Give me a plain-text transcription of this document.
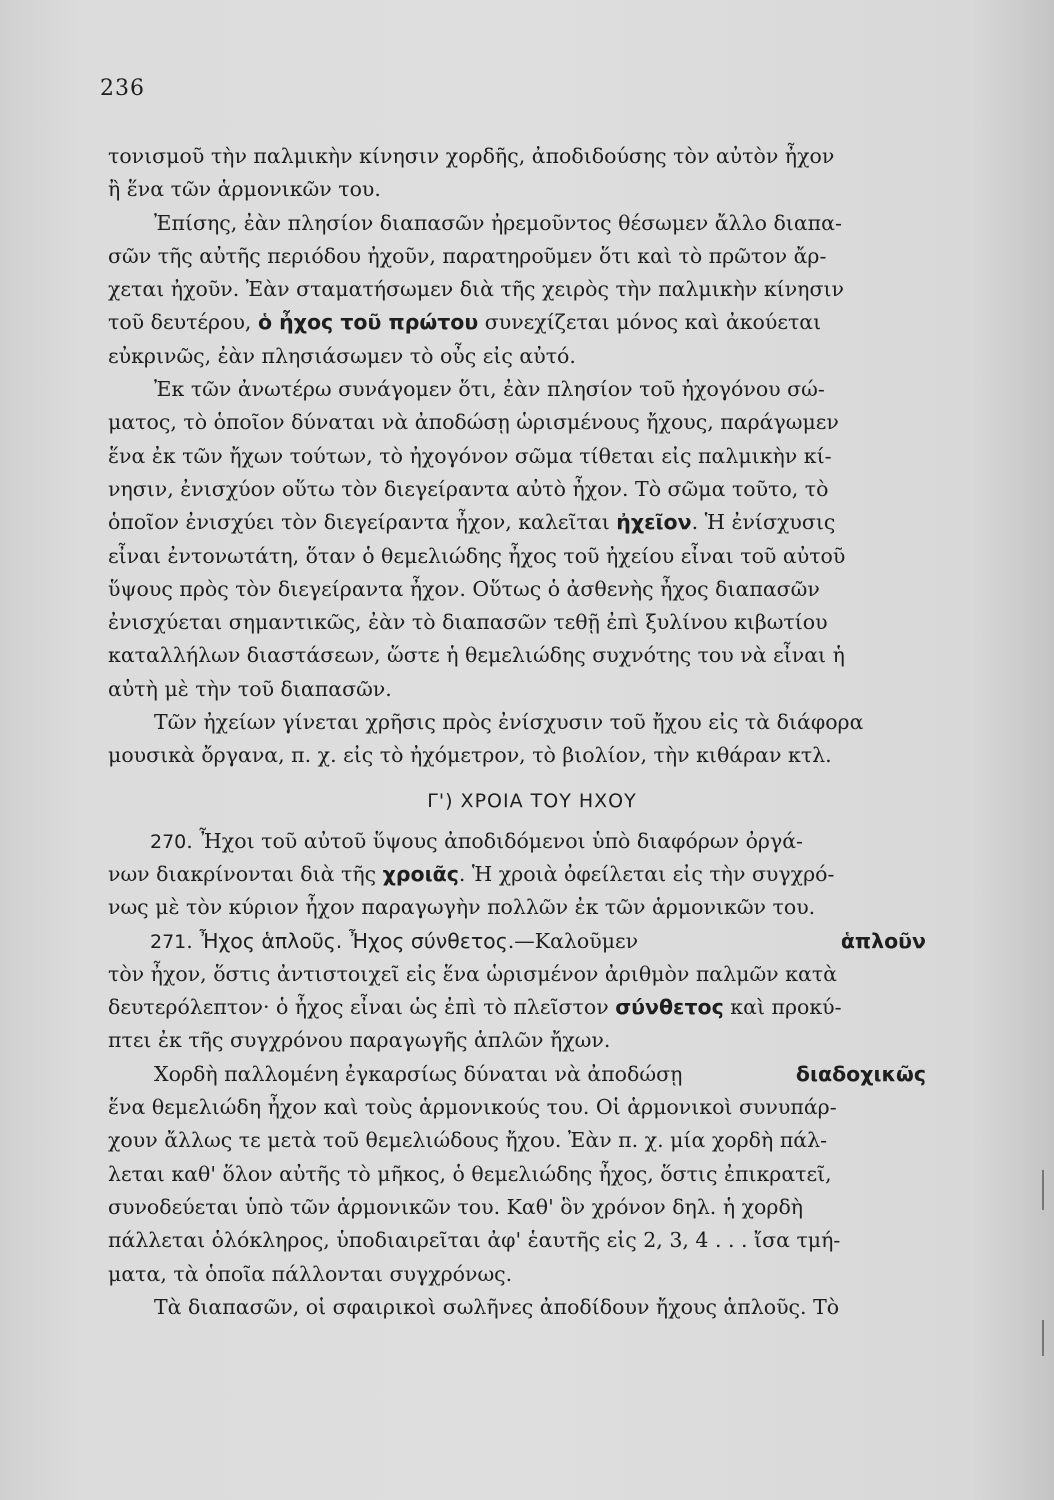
236
τονισμοῦ τὴν παλμικὴν κίνησιν χορδῆς, ἀποδιδούσης τὸν αὐτὸν ἦχον
ἢ ἕνα τῶν ἁρμονικῶν του.
Ἐπίσης, ἐὰν πλησίον διαπασῶν ἠρεμοῦντος θέσωμεν ἄλλο διαπα-
σῶν τῆς αὐτῆς περιόδου ἠχοῦν, παρατηροῦμεν ὅτι καὶ τὸ πρῶτον ἄρ-
χεται ἠχοῦν. Ἐὰν σταματήσωμεν διὰ τῆς χειρὸς τὴν παλμικὴν κίνησιν
τοῦ δευτέρου, ὁ ἦχος τοῦ πρώτου συνεχίζεται μόνος καὶ ἀκούεται
εὐκρινῶς, ἐὰν πλησιάσωμεν τὸ οὖς εἰς αὐτό.
Ἐκ τῶν ἀνωτέρω συνάγομεν ὅτι, ἐὰν πλησίον τοῦ ἠχογόνου σώ-
ματος, τὸ ὁποῖον δύναται νὰ ἀποδώσῃ ὡρισμένους ἤχους, παράγωμεν
ἕνα ἐκ τῶν ἤχων τούτων, τὸ ἠχογόνον σῶμα τίθεται εἰς παλμικὴν κί-
νησιν, ἐνισχύον οὕτω τὸν διεγείραντα αὐτὸ ἦχον. Τὸ σῶμα τοῦτο, τὸ
ὁποῖον ἐνισχύει τὸν διεγείραντα ἦχον, καλεῖται ἠχεῖον. Ἡ ἐνίσχυσις
εἶναι ἐντονωτάτη, ὅταν ὁ θεμελιώδης ἦχος τοῦ ἠχείου εἶναι τοῦ αὐτοῦ
ὕψους πρὸς τὸν διεγείραντα ἦχον. Οὕτως ὁ ἀσθενὴς ἦχος διαπασῶν
ἐνισχύεται σημαντικῶς, ἐὰν τὸ διαπασῶν τεθῇ ἐπὶ ξυλίνου κιβωτίου
καταλλήλων διαστάσεων, ὥστε ἡ θεμελιώδης συχνότης του νὰ εἶναι ἡ
αὐτὴ μὲ τὴν τοῦ διαπασῶν.
Τῶν ἠχείων γίνεται χρῆσις πρὸς ἐνίσχυσιν τοῦ ἤχου εἰς τὰ διάφορα
μουσικὰ ὄργανα, π. χ. εἰς τὸ ἠχόμετρον, τὸ βιολίον, τὴν κιθάραν κτλ.
Γ') ΧΡΟΙΑ ΤΟΥ ΗΧΟΥ
270. Ἦχοι τοῦ αὐτοῦ ὕψους ἀποδιδόμενοι ὑπὸ διαφόρων ὀργά-
νων διακρίνονται διὰ τῆς χροιᾶς. Ἡ χροιὰ ὀφείλεται εἰς τὴν συγχρό-
νως μὲ τὸν κύριον ἦχον παραγωγὴν πολλῶν ἐκ τῶν ἁρμονικῶν του.
271. Ἦχος ἁπλοῦς. Ἦχος σύνθετος.—Καλοῦμεν	ἁπλοῦν
τὸν ἦχον, ὅστις ἀντιστοιχεῖ εἰς ἕνα ὡρισμένον ἀριθμὸν παλμῶν κατὰ
δευτερόλεπτον· ὁ ἦχος εἶναι ὡς ἐπὶ τὸ πλεῖστον σύνθετος καὶ προκύ-
πτει ἐκ τῆς συγχρόνου παραγωγῆς ἁπλῶν ἤχων.
Χορδὴ παλλομένη ἐγκαρσίως δύναται νὰ ἀποδώσῃ	διαδοχικῶς
ἕνα θεμελιώδη ἦχον καὶ τοὺς ἁρμονικούς του. Οἱ ἁρμονικοὶ συνυπάρ-
χουν ἄλλως τε μετὰ τοῦ θεμελιώδους ἤχου. Ἐὰν π. χ. μία χορδὴ πάλ-
λεται καθ' ὅλον αὐτῆς τὸ μῆκος, ὁ θεμελιώδης ἦχος, ὅστις ἐπικρατεῖ,
συνοδεύεται ὑπὸ τῶν ἁρμονικῶν του. Καθ' ὃν χρόνον δηλ. ἡ χορδὴ
πάλλεται ὁλόκληρος, ὑποδιαιρεῖται ἀφ' ἑαυτῆς εἰς 2, 3, 4 . . . ἴσα τμή-
ματα, τὰ ὁποῖα πάλλονται συγχρόνως.
Τὰ διαπασῶν, οἱ σφαιρικοὶ σωλῆνες ἀποδίδουν ἤχους ἁπλοῦς. Τὸ
